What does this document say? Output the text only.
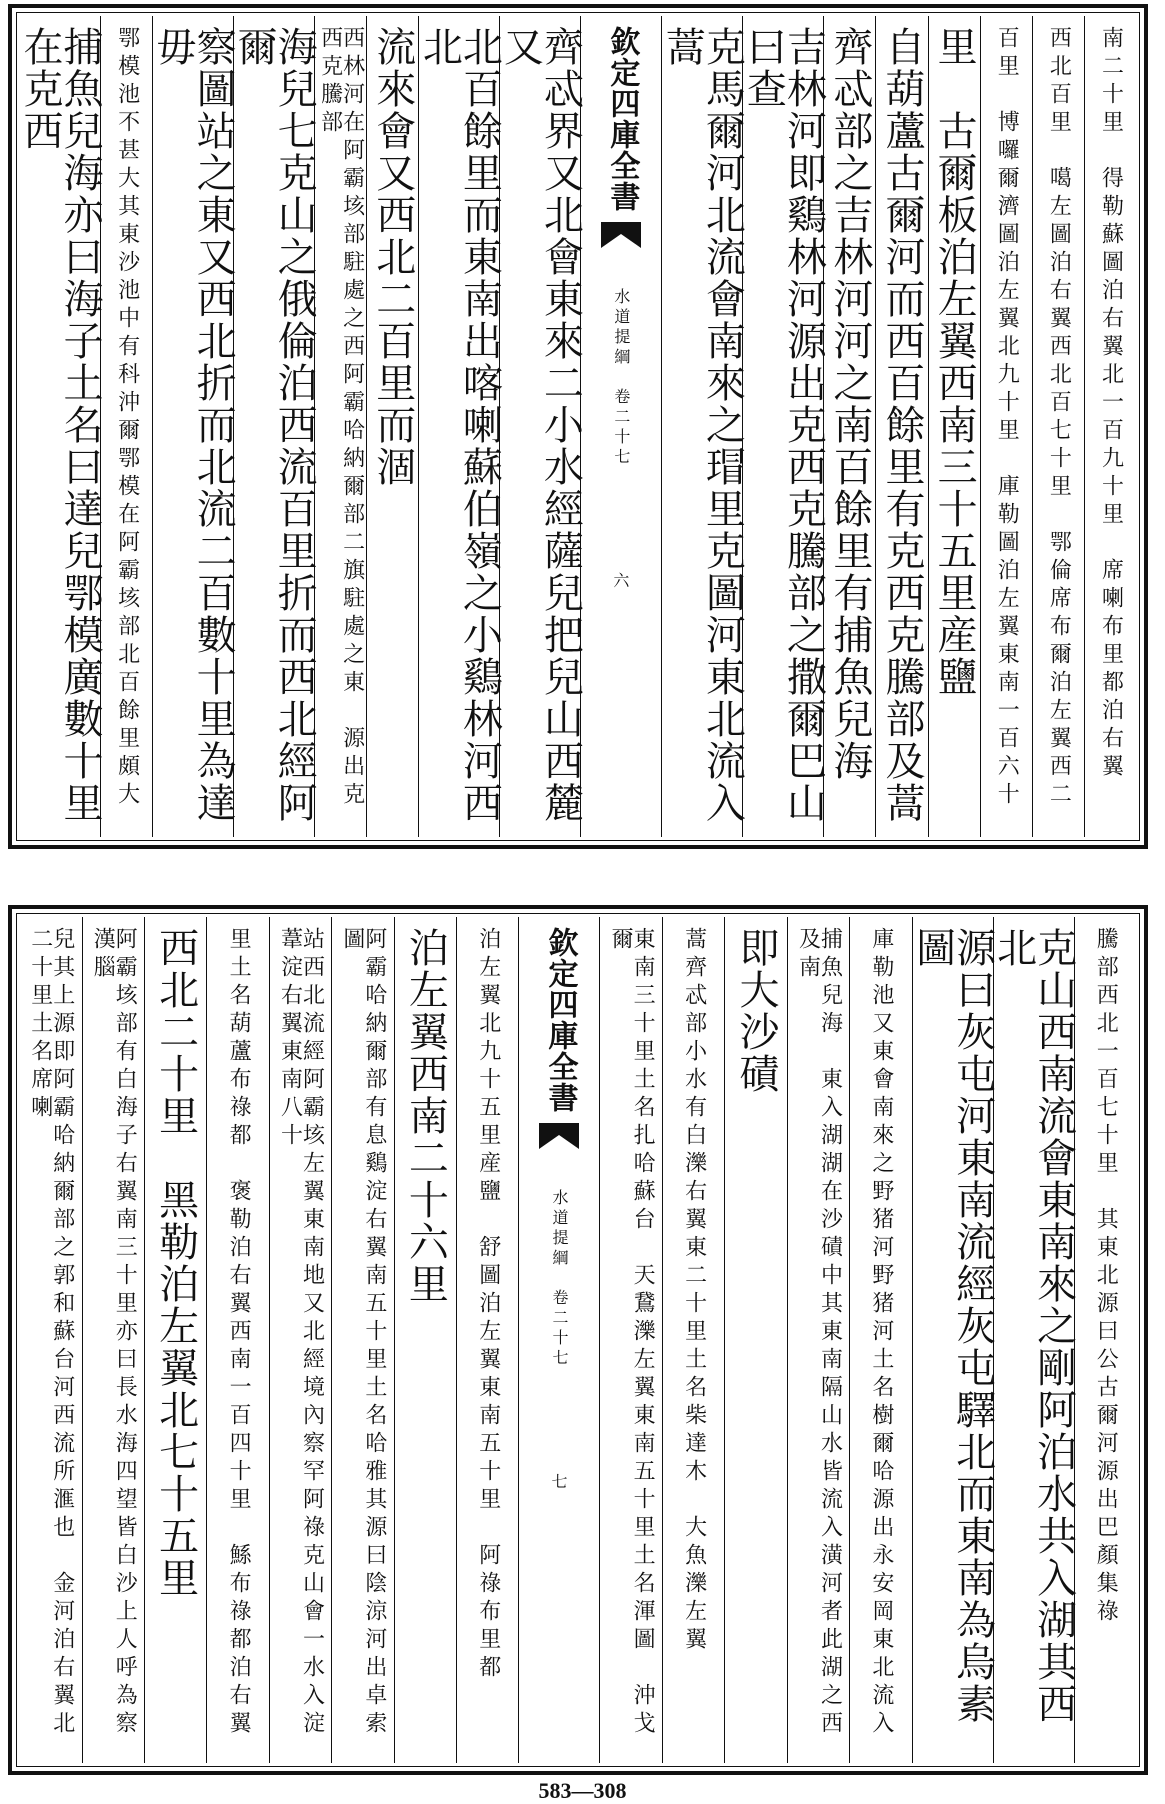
南二十里　得勒蘇圖泊右翼北一百九十里　席喇布里都泊右翼
西北百里　噶左圖泊右翼西北百七十里　鄂倫席布爾泊左翼西二
百里　博囉爾濟圖泊左翼北九十里　庫勒圖泊左翼東南一百六十
里　古爾板泊左翼西南三十五里産鹽
自葫蘆古爾河而西百餘里有克西克騰部及蒿
齊忒部之吉林河河之南百餘里有捕魚兒海
吉林河即鷄林河源出克西克騰部之撒爾巴山曰查
克馬爾河北流會南來之瑁里克圖河東北流入蒿
欽定四庫全書
水道提綱　卷二十七
六
齊忒界又北會東來二小水經薩兒把兒山西麓又
北百餘里而東南出喀喇蘇伯嶺之小鷄林河西北
流來會又西北二百里而涸
西林河在阿霸垓部駐處之西阿霸哈納爾部二旗駐處之東　源出克西克騰部
海兒七克山之俄倫泊西流百里折而西北經阿爾
察圖站之東又西北折而北流二百數十里為達毋
鄂模池不甚大其東沙池中有科沖爾鄂模在阿霸垓部北百餘里頗大
捕魚兒海亦曰海子土名曰達兒鄂模廣數十里在克西
騰部西北一百七十里　其東北源曰公古爾河源出巴顏集祿
克山西南流會東南來之剛阿泊水共入湖其西北
源曰灰屯河東南流經灰屯驛北而東南為烏素圖
庫勒池又東會南來之野猪河野猪河土名樹爾哈源出永安岡東北流入
捕魚兒海　東入湖湖在沙磧中其東南隔山水皆流入潢河者此湖之西及南
即大沙磧
蒿齊忒部小水有白濼右翼東二十里土名柴達木　大魚濼左翼
東南三十里土名扎哈蘇台　天鵞濼左翼東南五十里土名渾圖　沖戈爾
欽定四庫全書
水道提綱　卷二十七
七
泊左翼北九十五里産鹽　舒圖泊左翼東南五十里　阿祿布里都
泊左翼西南二十六里
阿霸哈納爾部有息鷄淀右翼南五十里土名哈雅其源曰陰涼河出卓索圖
站西北流經阿霸垓左翼東南地又北經境內察罕阿祿克山會一水入淀　葦淀右翼東南八十
里土名葫蘆布祿都　褒勒泊右翼西南一百四十里　鯀布祿都泊右翼
西北二十里　黑勒泊左翼北七十五里
阿霸垓部有白海子右翼南三十里亦曰長水海四望皆白沙上人呼為察漢腦
兒其上源即阿霸哈納爾部之郭和蘇台河西流所滙也　金河泊右翼北二十里土名席喇
583—308
